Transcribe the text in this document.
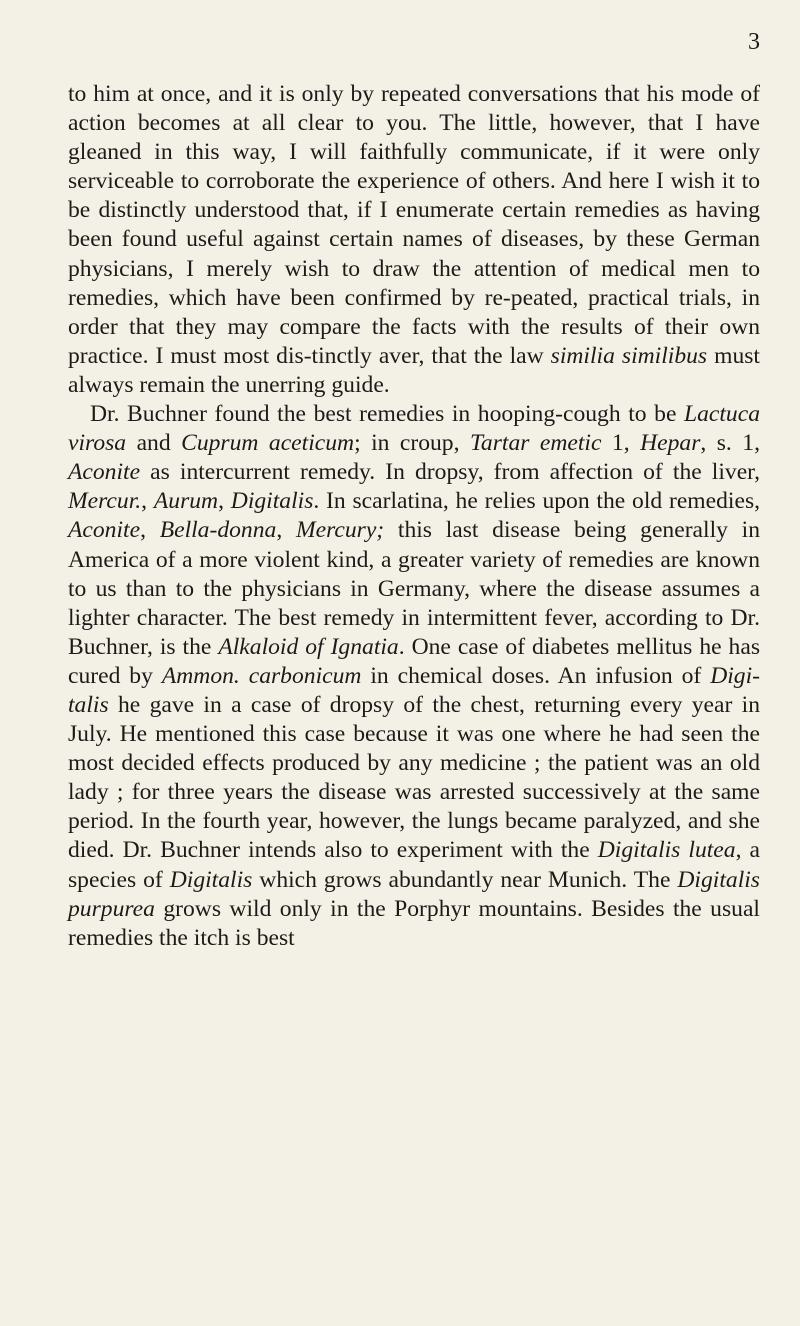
3

to him at once, and it is only by repeated conversations that his mode of action becomes at all clear to you. The little, however, that I have gleaned in this way, I will faithfully communicate, if it were only serviceable to corroborate the experience of others. And here I wish it to be distinctly understood that, if I enumerate certain remedies as having been found useful against certain names of diseases, by these German physicians, I merely wish to draw the attention of medical men to remedies, which have been confirmed by re-peated, practical trials, in order that they may compare the facts with the results of their own practice. I must most dis-tinctly aver, that the law similia similibus must always remain the unerring guide.

Dr. Buchner found the best remedies in hooping-cough to be Lactuca virosa and Cuprum aceticum; in croup, Tartar emetic 1, Hepar, s. 1, Aconite as intercurrent remedy. In dropsy, from affection of the liver, Mercur., Aurum, Digitalis. In scarlatina, he relies upon the old remedies, Aconite, Bella-donna, Mercury; this last disease being generally in America of a more violent kind, a greater variety of remedies are known to us than to the physicians in Germany, where the disease assumes a lighter character. The best remedy in intermittent fever, according to Dr. Buchner, is the Alkaloid of Ignatia. One case of diabetes mellitus he has cured by Ammon. carbonicum in chemical doses. An infusion of Digi-talis he gave in a case of dropsy of the chest, returning every year in July. He mentioned this case because it was one where he had seen the most decided effects produced by any medicine ; the patient was an old lady ; for three years the disease was arrested successively at the same period. In the fourth year, however, the lungs became paralyzed, and she died. Dr. Buchner intends also to experiment with the Digitalis lutea, a species of Digitalis which grows abundantly near Munich. The Digitalis purpurea grows wild only in the Porphyr mountains. Besides the usual remedies the itch is best
